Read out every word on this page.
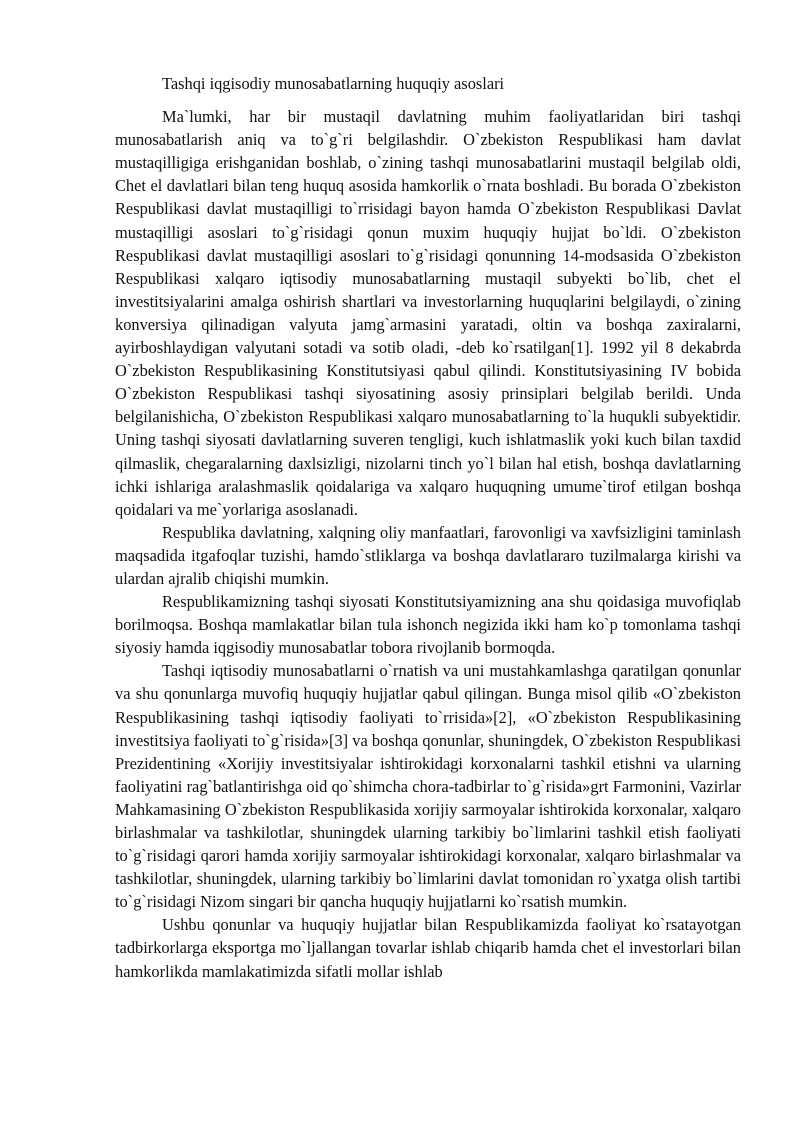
Tashqi iqgisodiy munosabatlarning huquqiy asoslari

Ma`lumki, har bir mustaqil davlatning muhim faoliyatlaridan biri tashqi munosabatlarish aniq va to`g`ri belgilashdir. O`zbekiston Respublikasi ham davlat mustaqilligiga erishganidan boshlab, o`zining tashqi munosabatlarini mustaqil belgilab oldi, Chet el davlatlari bilan teng huquq asosida hamkorlik o`rnata boshladi. Bu borada O`zbekiston Respublikasi davlat mustaqilligi to`rrisidagi bayon hamda O`zbekiston Respublikasi Davlat mustaqilligi asoslari to`g`risidagi qonun muxim huquqiy hujjat bo`ldi. O`zbekiston Respublikasi davlat mustaqilligi asoslari to`g`risidagi qonunning 14-modsasida O`zbekiston Respublikasi xalqaro iqtisodiy munosabatlarning mustaqil subyekti bo`lib, chet el investitsiyalarini amalga oshirish shartlari va investorlarning huquqlarini belgilaydi, o`zining konversiya qilinadigan valyuta jamg`armasini yaratadi, oltin va boshqa zaxiralarni, ayirboshlaydigan valyutani sotadi va sotib oladi, -deb ko`rsatilgan[1]. 1992 yil 8 dekabrda O`zbekiston Respublikasining Konstitutsiyasi qabul qilindi. Konstitutsiyasining IV bobida O`zbekiston Respublikasi tashqi siyosatining asosiy prinsiplari belgilab berildi. Unda belgilanishicha, O`zbekiston Respublikasi xalqaro munosabatlarning to`la huqukli subyektidir. Uning tashqi siyosati davlatlarning suveren tengligi, kuch ishlatmaslik yoki kuch bilan taxdid qilmaslik, chegaralarning daxlsizligi, nizolarni tinch yo`l bilan hal etish, boshqa davlatlarning ichki ishlariga aralashmaslik qoidalariga va xalqaro huquqning umume`tirof etilgan boshqa qoidalari va me`yorlariga asoslanadi.

Respublika davlatning, xalqning oliy manfaatlari, farovonligi va xavfsizligini taminlash maqsadida itgafoqlar tuzishi, hamdo`stliklarga va boshqa davlatlararo tuzilmalarga kirishi va ulardan ajralib chiqishi mumkin.

Respublikamizning tashqi siyosati Konstitutsiyamizning ana shu qoidasiga muvofiqlab borilmoqsa. Boshqa mamlakatlar bilan tula ishonch negizida ikki ham ko`p tomonlama tashqi siyosiy hamda iqgisodiy munosabatlar tobora rivojlanib bormoqda.

Tashqi iqtisodiy munosabatlarni o`rnatish va uni mustahkamlashga qaratilgan qonunlar va shu qonunlarga muvofiq huquqiy hujjatlar qabul qilingan. Bunga misol qilib «O`zbekiston Respublikasining tashqi iqtisodiy faoliyati to`rrisida»[2], «O`zbekiston Respublikasining investitsiya faoliyati to`g`risida»[3] va boshqa qonunlar, shuningdek, O`zbekiston Respublikasi Prezidentining «Xorijiy investitsiyalar ishtirokidagi korxonalarni tashkil etishni va ularning faoliyatini rag`batlantirishga oid qo`shimcha chora-tadbirlar to`g`risida»grt Farmonini, Vazirlar Mahkamasining O`zbekiston Respublikasida xorijiy sarmoyalar ishtirokida korxonalar, xalqaro birlashmalar va tashkilotlar, shuningdek ularning tarkibiy bo`limlarini tashkil etish faoliyati to`g`risidagi qarori hamda xorijiy sarmoyalar ishtirokidagi korxonalar, xalqaro birlashmalar va tashkilotlar, shuningdek, ularning tarkibiy bo`limlarini davlat tomonidan ro`yxatga olish tartibi to`g`risidagi Nizom singari bir qancha huquqiy hujjatlarni ko`rsatish mumkin.

Ushbu qonunlar va huquqiy hujjatlar bilan Respublikamizda faoliyat ko`rsatayotgan tadbirkorlarga eksportga mo`ljallangan tovarlar ishlab chiqarib hamda chet el investorlari bilan hamkorlikda mamlakatimizda sifatli mollar ishlab
